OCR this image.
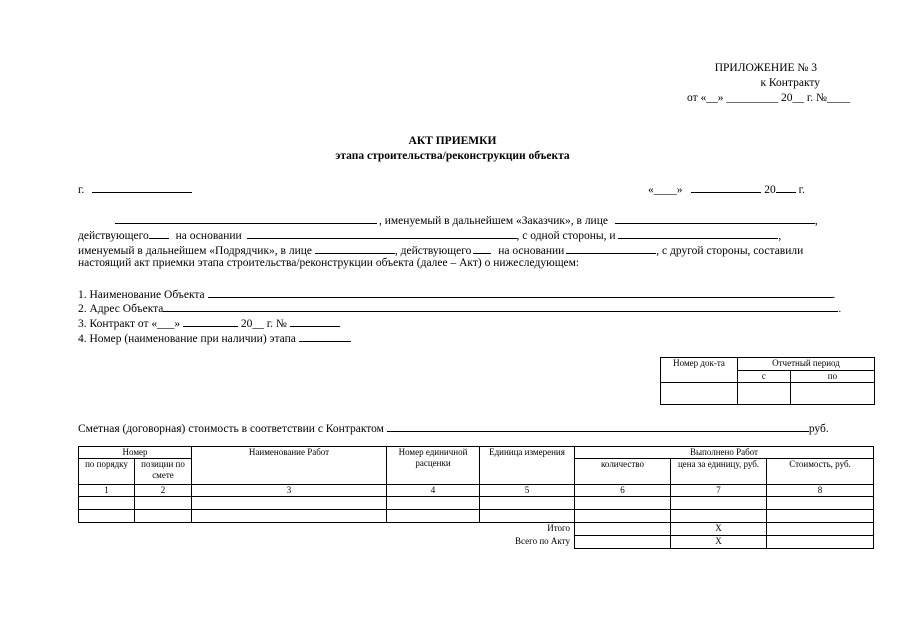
ПРИЛОЖЕНИЕ № 3
к Контракту
от «__» _________ 20__ г. №____
АКТ ПРИЕМКИ
этапа строительства/реконструкции объекта
г.	«____»	20 г.
, именуемый в дальнейшем «Заказчик», в лице	,
действующего на основании	, с одной стороны, и	,
именуемый в дальнейшем «Подрядчик», в лице	, действующего на основании	, с другой стороны, составили
настоящий акт приемки этапа строительства/реконструкции объекта (далее – Акт) о нижеследующем:
1. Наименование Объекта	.
2. Адрес Объекта	.
3. Контракт от «___»	20__ г. №
4. Номер (наименование при наличии) этапа
Номер док-та	Отчетный период	
	с	по

Сметная (договорная) стоимость в соответствии с Контрактом	руб.
Номер		Наименование Работ	Номер единичной расценки	Единица измерения	Выполнено Работ		
по порядку	позиции по смете				количество	цена за единицу, руб.	Стоимость, руб.
1	2	3	4	5	6	7	8

Итого						Х	
Всего по Акту						Х	
